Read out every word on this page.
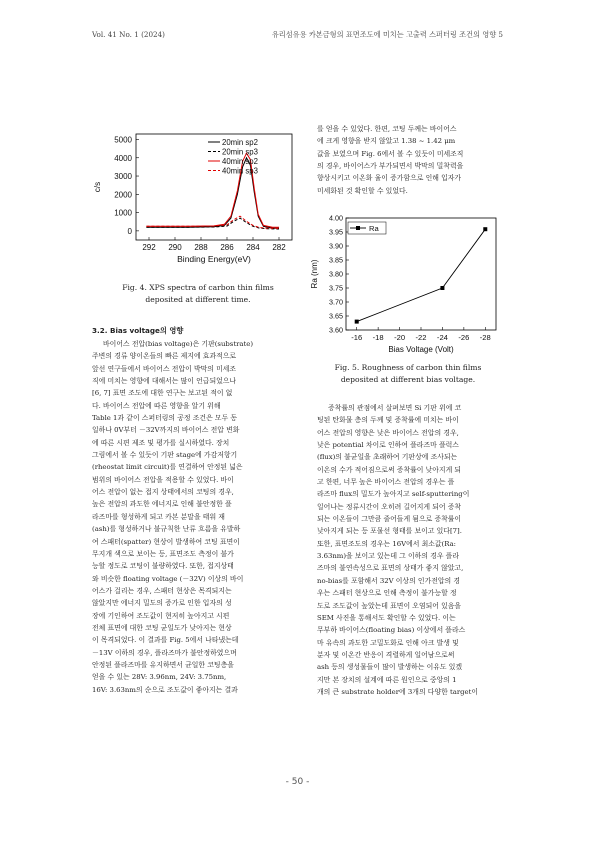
Vol. 41 No. 1 (2024)	유리섬유용 카본금형의 표면조도에 미치는 고출력 스퍼터링 조건의 영향 5
292 290 288 286 284 282
0
1000
2000
3000
4000
5000
Binding Energy(eV)
c/s
20min sp2
20min sp3
40min sp2
40min sp3
Fig. 4. XPS spectra of carbon thin films
deposited at different time.
3.2. Bias voltage의 영향

바이어스 전압(bias voltage)은 기판(substrate)

주변의 경류 양이온들의 빠른 제지에 효과적으로

앞선 연구들에서 바이어스 전압이 박막의 미세조

직에 미치는 영향에 대해서는 많이 언급되었으나

[6, 7] 표면 조도에 대한 연구는 보고된 적이 없

다. 바이어스 전압에 따른 영향을 알기 위해

Table 1과 같이 스퍼터링의 공정 조건은 모두 동

일하나 0V부터 －32V까지의 바이어스 전압 변화

에 따른 시편 제조 및 평가를 실시하였다. 장치

그림에서 볼 수 있듯이 기판 stage에 가감저항기

(rheostat limit circuit)를 연결하여 안정된 넓은

범위의 바이어스 전압을 적용할 수 있었다. 바이

어스 전압이 없는 접지 상태에서의 코팅의 경우,

높은 전압의 과도한 에너지로 인해 불안정한 플

라즈마를 형성하게 되고 카본 분말을 태워 재

(ash)를 형성하거나 불규칙한 난류 흐름을 유발하

여 스패터(spatter) 현상이 발생하여 코팅 표면이

무지개 색으로 보이는 등, 표면조도 측정이 불가

능할 정도로 코팅이 불량하였다. 또한, 접지상태

와 비슷한 floating voltage (－32V) 이상의 바이

어스가 걸리는 경우, 스패터 현상은 목격되지는

않았지만 에너지 밀도의 증가로 인한 입자의 성

장에 기인하여 조도값이 현저히 높아지고 시편

전체 표면에 대한 코팅 균일도가 낮아지는 현상

이 목격되었다. 이 결과를 Fig. 5에서 나타냈는데

－13V 이하의 경우, 플라즈마가 불안정하였으며

안정된 플라즈마를 유지하면서 균일한 코팅층을

얻을 수 있는 28V: 3.96nm, 24V: 3.75nm,

16V: 3.63nm의 순으로 조도값이 좋아지는 결과

를 얻을 수 있었다. 한편, 코팅 두께는 바이어스

에 크게 영향을 받지 않았고 1.38 ~ 1.42 μm

값을 보였으며 Fig. 6에서 볼 수 있듯이 미세조직

의 경우, 바이어스가 부가되면서 박막의 밀착력을

향상시키고 이온화 율이 증가함으로 인해 입자가

미세화된 것 확인할 수 있었다.

-16 -18 -20 -22 -24 -26 -28
3.60
3.65
3.70
3.75
3.80
3.85
3.90
3.95
4.00
Bias Voltage (Volt)
Ra (nm)
Ra
Fig. 5. Roughness of carbon thin films
deposited at different bias voltage.

증착률의 관점에서 살펴보면 Si 기판 위에 코

팅된 탄화물 층의 두께 및 증착률에 미치는 바이

어스 전압의 영향은 낮은 바이어스 전압의 경우,

낮은 potential 차이로 인하여 플라즈마 플럭스

(flux)의 불균일을 초래하여 기판상에 조사되는

이온의 수가 적어짐으로써 증착률이 낮아지게 되

고 한편, 너무 높은 바이어스 전압의 경우는 플

라즈마 flux의 밀도가 높아지고 self-sputtering이

일어나는 정류시간이 오히려 길어지게 되어 증착

되는 이온들이 그만큼 줄어들게 됨으로 증착률이

낮아지게 되는 등 포물선 형태를 보이고 있다[7].

또한, 표면조도의 경우는 16V에서 최소값(Ra:

3.63nm)을 보이고 있는데 그 이하의 경우 플라

즈마의 불연속성으로 표면의 상태가 좋지 않았고,

no-bias를 포함해서 32V 이상의 인가전압의 경

우는 스패터 현상으로 인해 측정이 불가능할 정

도로 조도값이 높았는데 표면이 오염되어 있음을

SEM 사진을 통해서도 확인할 수 있었다. 이는

무부하 바이어스(floating bias) 이상에서 플라스

마 유속의 과도한 고밀도화로 인해 아크 발생 및

분자 및 이온간 반응이 격렬하게 일어남으로써

ash 등의 생성물들이 많이 발생하는 이유도 있겠

지만 본 장치의 설계에 따른 원인으로 중앙의 1

개의 큰 substrate holder에 3개의 다양한 target이

- 50 -
